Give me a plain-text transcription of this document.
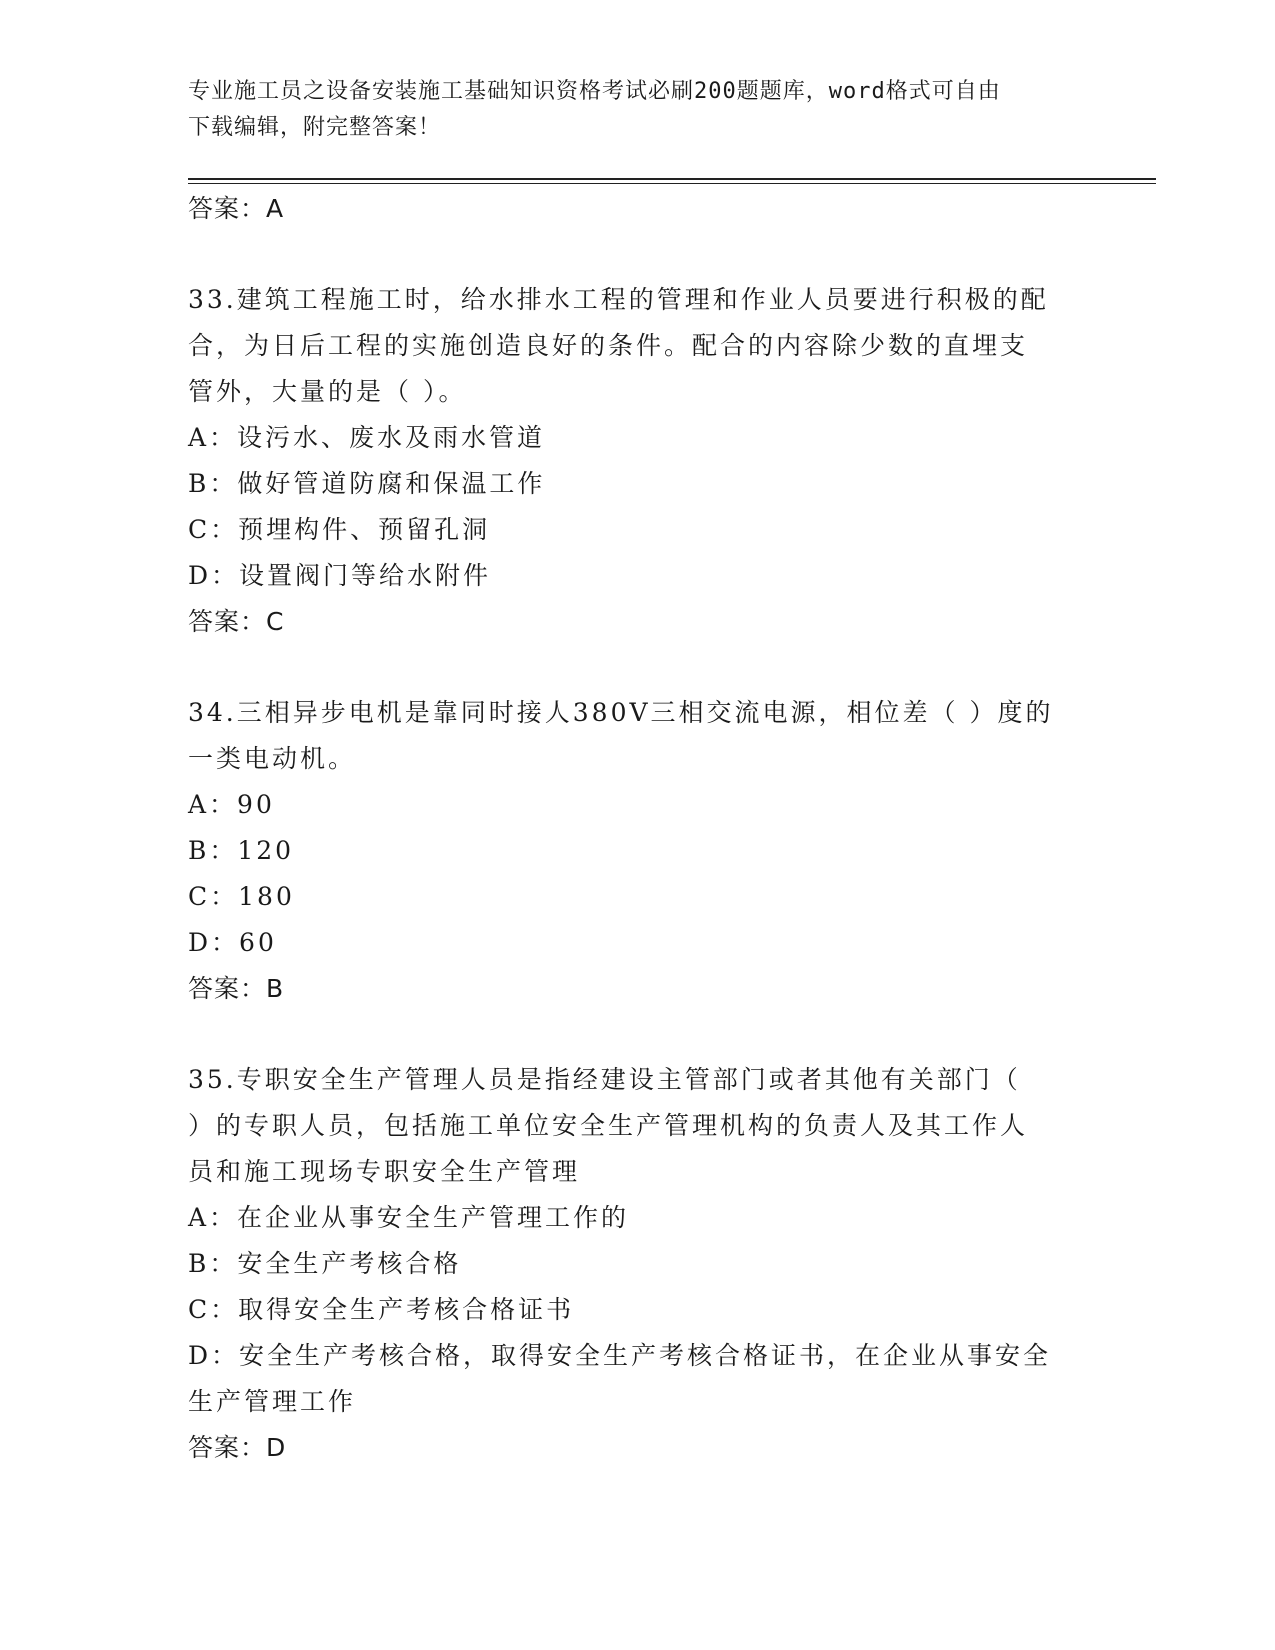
专业施工员之设备安装施工基础知识资格考试必刷200题题库，word格式可自由
下载编辑，附完整答案！
答案：A
33.建筑工程施工时，给水排水工程的管理和作业人员要进行积极的配
合，为日后工程的实施创造良好的条件。配合的内容除少数的直埋支
管外，大量的是（ ）。
A：设污水、废水及雨水管道
B：做好管道防腐和保温工作
C：预埋构件、预留孔洞
D：设置阀门等给水附件
答案：C
34.三相异步电机是靠同时接人380V三相交流电源，相位差（ ）度的
一类电动机。
A：90
B：120
C：180
D：60
答案：B
35.专职安全生产管理人员是指经建设主管部门或者其他有关部门（
）的专职人员，包括施工单位安全生产管理机构的负责人及其工作人
员和施工现场专职安全生产管理
A：在企业从事安全生产管理工作的
B：安全生产考核合格
C：取得安全生产考核合格证书
D：安全生产考核合格，取得安全生产考核合格证书，在企业从事安全
生产管理工作
答案：D
